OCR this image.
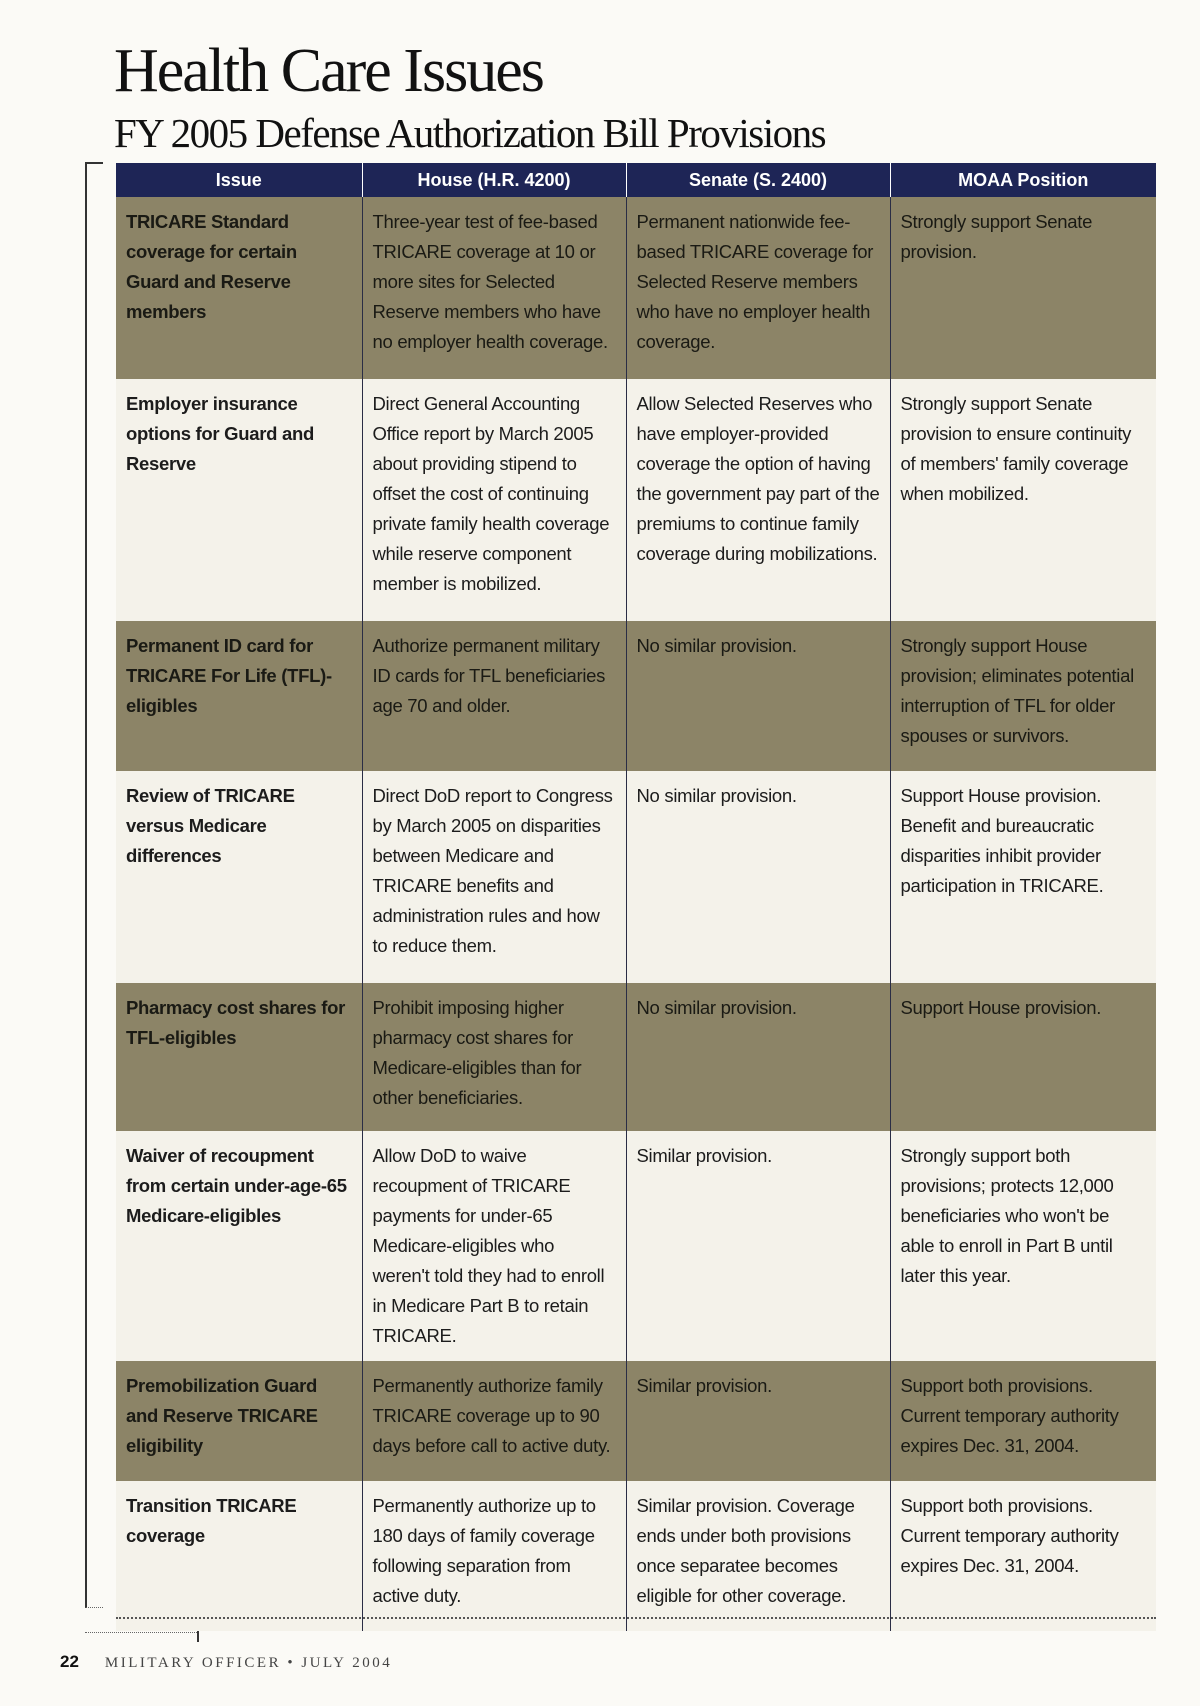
Health Care Issues
FY 2005 Defense Authorization Bill Provisions
Issue	House (H.R. 4200)	Senate (S. 2400)	MOAA Position
TRICARE Standard coverage for certain Guard and Reserve members	Three-year test of fee-based TRICARE coverage at 10 or more sites for Selected Reserve members who have no employer health coverage.	Permanent nationwide fee-based TRICARE coverage for Selected Reserve members who have no employer health coverage.	Strongly support Senate provision.
Employer insurance options for Guard and Reserve	Direct General Accounting Office report by March 2005 about providing stipend to offset the cost of continuing private family health coverage while reserve component member is mobilized.	Allow Selected Reserves who have employer-provided coverage the option of having the government pay part of the premiums to continue family coverage during mobilizations.	Strongly support Senate provision to ensure continuity of members' family coverage when mobilized.
Permanent ID card for TRICARE For Life (TFL)-eligibles	Authorize permanent military ID cards for TFL beneficiaries age 70 and older.	No similar provision.	Strongly support House provision; eliminates potential interruption of TFL for older spouses or survivors.
Review of TRICARE versus Medicare differences	Direct DoD report to Congress by March 2005 on disparities between Medicare and TRICARE benefits and administration rules and how to reduce them.	No similar provision.	Support House provision. Benefit and bureaucratic disparities inhibit provider participation in TRICARE.
Pharmacy cost shares for TFL-eligibles	Prohibit imposing higher pharmacy cost shares for Medicare-eligibles than for other beneficiaries.	No similar provision.	Support House provision.
Waiver of recoupment from certain under-age-65 Medicare-eligibles	Allow DoD to waive recoupment of TRICARE payments for under-65 Medicare-eligibles who weren't told they had to enroll in Medicare Part B to retain TRICARE.	Similar provision.	Strongly support both provisions; protects 12,000 beneficiaries who won't be able to enroll in Part B until later this year.
Premobilization Guard and Reserve TRICARE eligibility	Permanently authorize family TRICARE coverage up to 90 days before call to active duty.	Similar provision.	Support both provisions. Current temporary authority expires Dec. 31, 2004.
Transition TRICARE coverage	Permanently authorize up to 180 days of family coverage following separation from active duty.	Similar provision. Coverage ends under both provisions once separatee becomes eligible for other coverage.	Support both provisions. Current temporary authority expires Dec. 31, 2004.
22 MILITARY OFFICER • JULY 2004
